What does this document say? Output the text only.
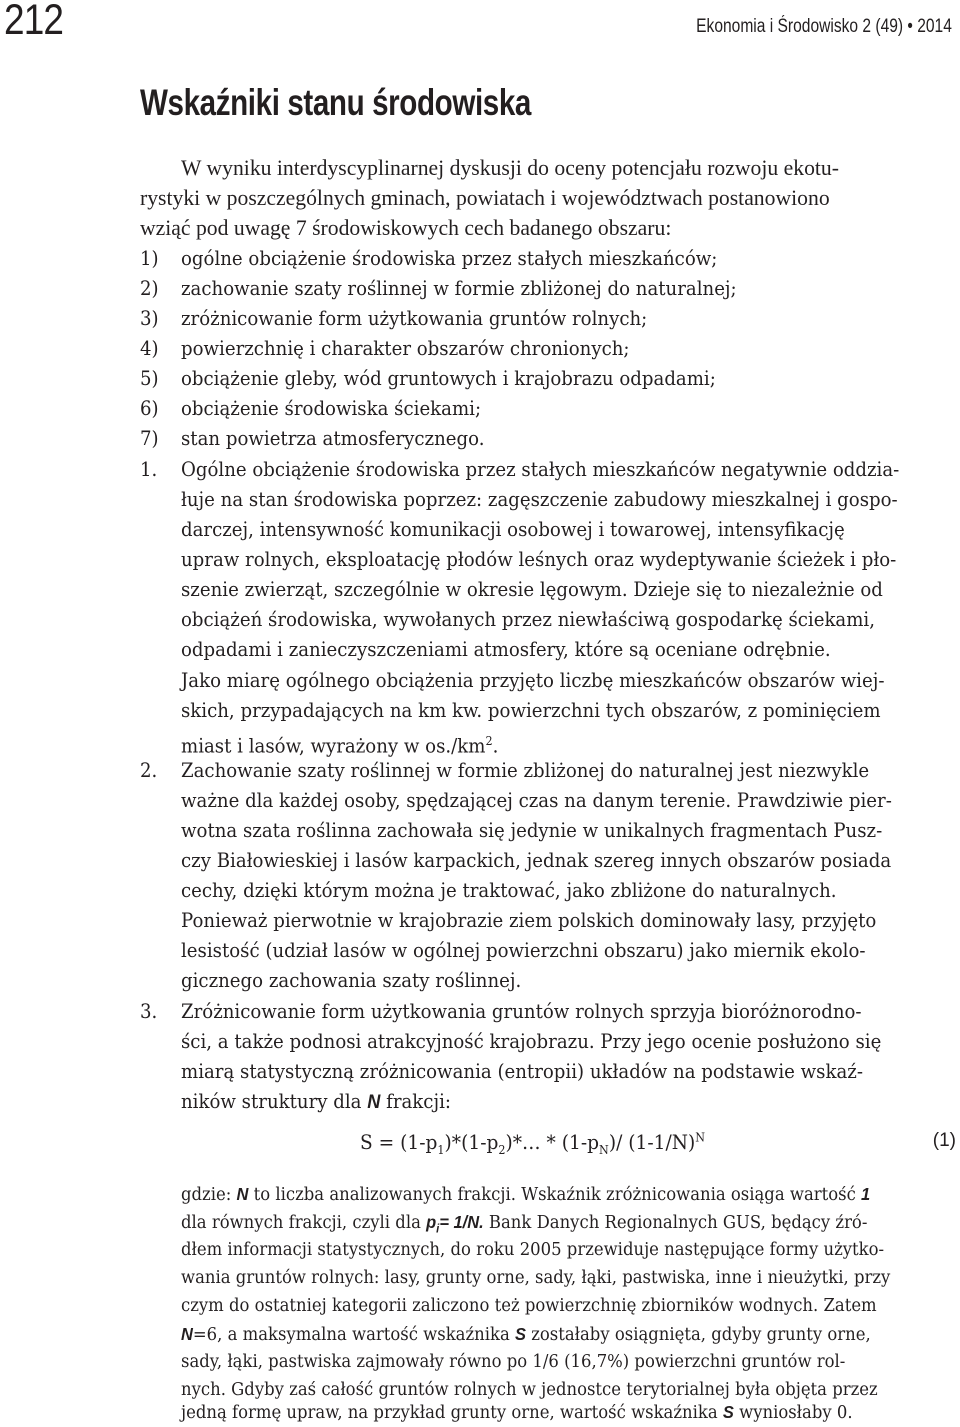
212	Ekonomia i Środowisko 2 (49) • 2014
Wskaźniki stanu środowiska
W wyniku interdyscyplinarnej dyskusji do oceny potencjału rozwoju ekotu-
rystyki w poszczególnych gminach, powiatach i województwach postanowiono
wziąć pod uwagę 7 środowiskowych cech badanego obszaru:
1) ogólne obciążenie środowiska przez stałych mieszkańców;
2) zachowanie szaty roślinnej w formie zbliżonej do naturalnej;
3) zróżnicowanie form użytkowania gruntów rolnych;
4) powierzchnię i charakter obszarów chronionych;
5) obciążenie gleby, wód gruntowych i krajobrazu odpadami;
6) obciążenie środowiska ściekami;
7) stan powietrza atmosferycznego.
1. Ogólne obciążenie środowiska przez stałych mieszkańców negatywnie oddzia-
łuje na stan środowiska poprzez: zagęszczenie zabudowy mieszkalnej i gospo-
darczej, intensywność komunikacji osobowej i towarowej, intensyfikację
upraw rolnych, eksploatację płodów leśnych oraz wydeptywanie ścieżek i pło-
szenie zwierząt, szczególnie w okresie lęgowym. Dzieje się to niezależnie od
obciążeń środowiska, wywołanych przez niewłaściwą gospodarkę ściekami,
odpadami i zanieczyszczeniami atmosfery, które są oceniane odrębnie.
Jako miarę ogólnego obciążenia przyjęto liczbę mieszkańców obszarów wiej-
skich, przypadających na km kw. powierzchni tych obszarów, z pominięciem
miast i lasów, wyrażony w $os./km^2$.
2. Zachowanie szaty roślinnej w formie zbliżonej do naturalnej jest niezwykle
ważne dla każdej osoby, spędzającej czas na danym terenie. Prawdziwie pier-
wotna szata roślinna zachowała się jedynie w unikalnych fragmentach Pusz-
czy Białowieskiej i lasów karpackich, jednak szereg innych obszarów posiada
cechy, dzięki którym można je traktować, jako zbliżone do naturalnych.
Ponieważ pierwotnie w krajobrazie ziem polskich dominowały lasy, przyjęto
lesistość (udział lasów w ogólnej powierzchni obszaru) jako miernik ekolo-
gicznego zachowania szaty roślinnej.
3. Zróżnicowanie form użytkowania gruntów rolnych sprzyja bioróżnorodno-
ści, a także podnosi atrakcyjność krajobrazu. Przy jego ocenie posłużono się
miarą statystyczną zróżnicowania (entropii) układów na podstawie wskaź-
ników struktury dla N frakcji:
$S = (1-p_1)*(1-p_2)*\dots * (1-p_N)/$ $(1-1/N)^N$	(1)
gdzie: N to liczba analizowanych frakcji. Wskaźnik zróżnicowania osiąga wartość 1
dla równych frakcji, czyli dla $p_i= 1/N$. Bank Danych Regionalnych GUS, będący źró-
dłem informacji statystycznych, do roku 2005 przewiduje następujące formy użytko-
wania gruntów rolnych: lasy, grunty orne, sady, łąki, pastwiska, inne i nieużytki, przy
czym do ostatniej kategorii zaliczono też powierzchnię zbiorników wodnych. Zatem
N=6, a maksymalna wartość wskaźnika S zostałaby osiągnięta, gdyby grunty orne,
sady, łąki, pastwiska zajmowały równo po 1/6 (16,7%) powierzchni gruntów rol-
nych. Gdyby zaś całość gruntów rolnych w jednostce terytorialnej była objęta przez
jedną formę upraw, na przykład grunty orne, wartość wskaźnika S wyniosłaby 0.
